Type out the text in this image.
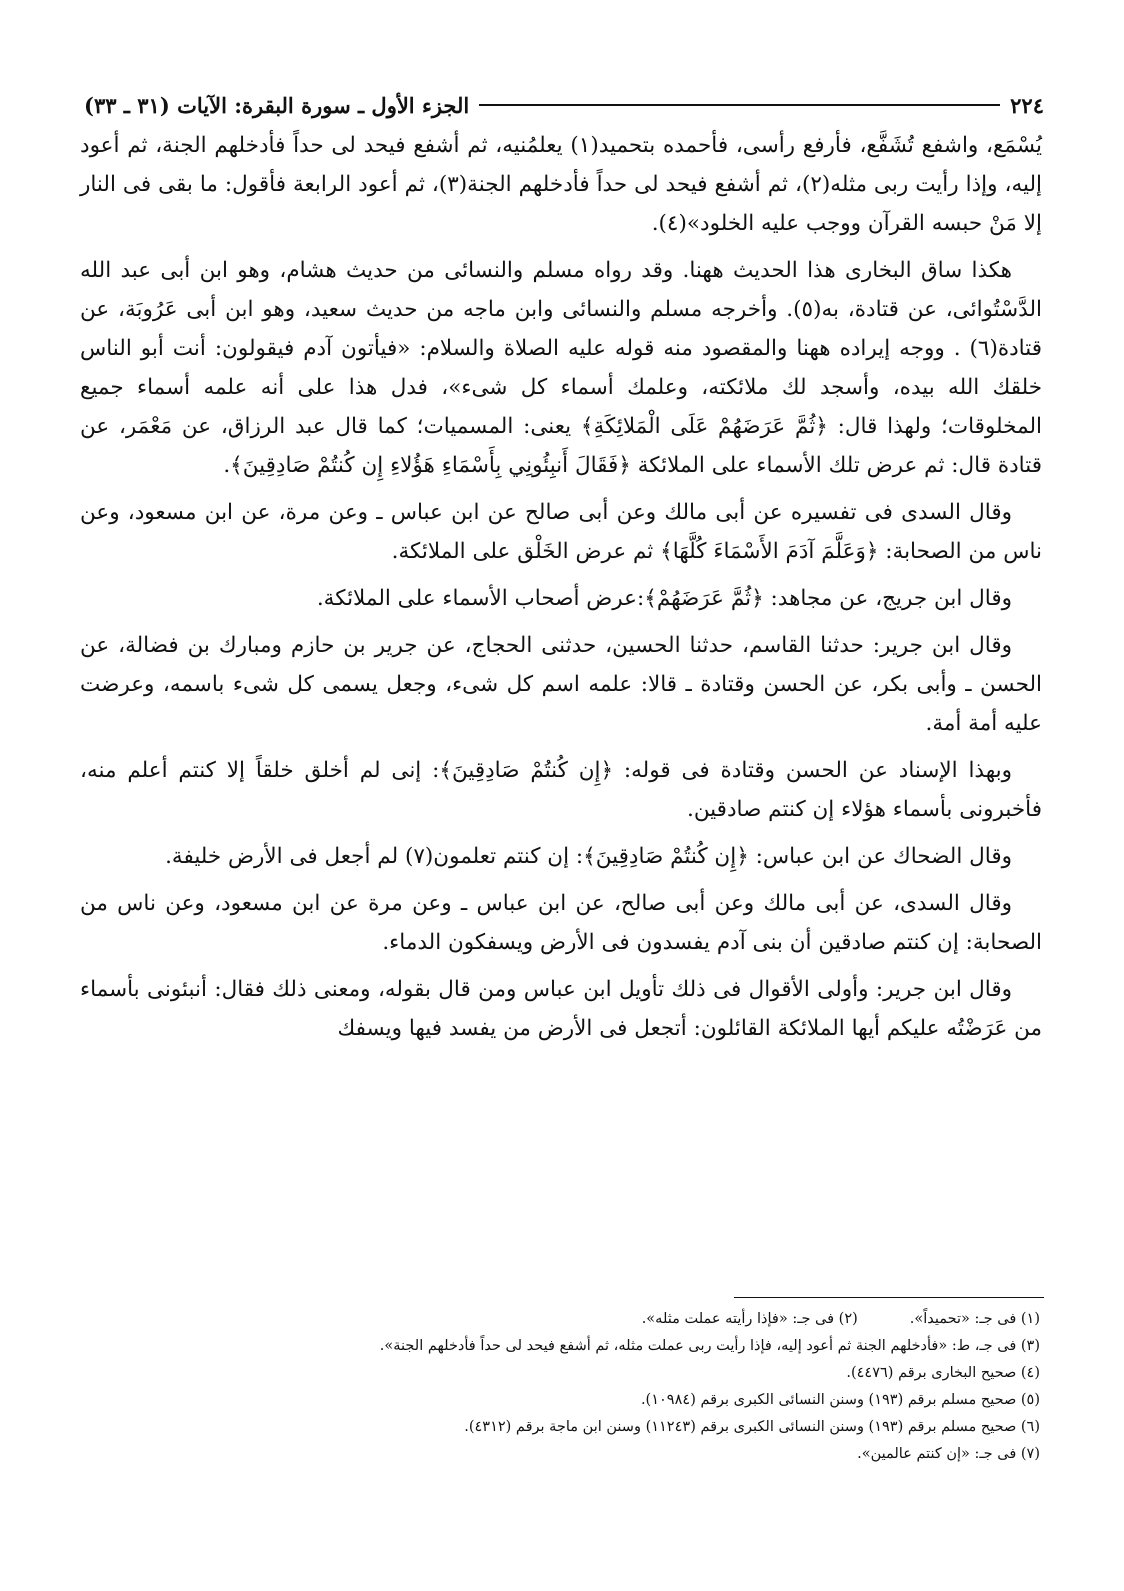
٢٢٤
الجزء الأول ـ سورة البقرة: الآيات (٣١ ـ ٣٣)

يُسْمَع، واشفع تُشَفَّع، فأرفع رأسى، فأحمده بتحميد(١) يعلمُنيه، ثم أشفع فيحد لى حداً فأدخلهم الجنة، ثم أعود إليه، وإذا رأيت ربى مثله(٢)، ثم أشفع فيحد لى حداً فأدخلهم الجنة(٣)، ثم أعود الرابعة فأقول: ما بقى فى النار إلا مَنْ حبسه القرآن ووجب عليه الخلود»(٤).

هكذا ساق البخارى هذا الحديث ههنا. وقد رواه مسلم والنسائى من حديث هشام، وهو ابن أبى عبد الله الدَّسْتُوائى، عن قتادة، به(٥). وأخرجه مسلم والنسائى وابن ماجه من حديث سعيد، وهو ابن أبى عَرُوبَة، عن قتادة(٦) . ووجه إيراده ههنا والمقصود منه قوله عليه الصلاة والسلام: «فيأتون آدم فيقولون: أنت أبو الناس خلقك الله بيده، وأسجد لك ملائكته، وعلمك أسماء كل شىء»، فدل هذا على أنه علمه أسماء جميع المخلوقات؛ ولهذا قال: ﴿ثُمَّ عَرَضَهُمْ عَلَى الْمَلائِكَةِ﴾ يعنى: المسميات؛ كما قال عبد الرزاق، عن مَعْمَر، عن قتادة قال: ثم عرض تلك الأسماء على الملائكة ﴿فَقَالَ أَنبِئُونِي بِأَسْمَاءِ هَؤُلاءِ إِن كُنتُمْ صَادِقِينَ﴾.

وقال السدى فى تفسيره عن أبى مالك وعن أبى صالح عن ابن عباس ـ وعن مرة، عن ابن مسعود، وعن ناس من الصحابة: ﴿وَعَلَّمَ آدَمَ الأَسْمَاءَ كُلَّهَا﴾ ثم عرض الخَلْق على الملائكة.

وقال ابن جريج، عن مجاهد: ﴿ثُمَّ عَرَضَهُمْ﴾:عرض أصحاب الأسماء على الملائكة.

وقال ابن جرير: حدثنا القاسم، حدثنا الحسين، حدثنى الحجاج، عن جرير بن حازم ومبارك بن فضالة، عن الحسن ـ وأبى بكر، عن الحسن وقتادة ـ قالا: علمه اسم كل شىء، وجعل يسمى كل شىء باسمه، وعرضت عليه أمة أمة.

وبهذا الإسناد عن الحسن وقتادة فى قوله: ﴿إِن كُنتُمْ صَادِقِينَ﴾: إنى لم أخلق خلقاً إلا كنتم أعلم منه، فأخبرونى بأسماء هؤلاء إن كنتم صادقين.

وقال الضحاك عن ابن عباس: ﴿إِن كُنتُمْ صَادِقِينَ﴾: إن كنتم تعلمون(٧) لم أجعل فى الأرض خليفة.

وقال السدى، عن أبى مالك وعن أبى صالح، عن ابن عباس ـ وعن مرة عن ابن مسعود، وعن ناس من الصحابة: إن كنتم صادقين أن بنى آدم يفسدون فى الأرض ويسفكون الدماء.

وقال ابن جرير: وأولى الأقوال فى ذلك تأويل ابن عباس ومن قال بقوله، ومعنى ذلك فقال: أنبئونى بأسماء من عَرَضْتُه عليكم أيها الملائكة القائلون: أتجعل فى الأرض من يفسد فيها ويسفك

(١) فى جـ: «تحميداً».(٢) فى جـ: «فإذا رأيته عملت مثله».
(٣) فى جـ، ط: «فأدخلهم الجنة ثم أعود إليه، فإذا رأيت ربى عملت مثله، ثم أشفع فيحد لى حداً فأدخلهم الجنة».
(٤) صحيح البخارى برقم (٤٤٧٦).
(٥) صحيح مسلم برقم (١٩٣) وسنن النسائى الكبرى برقم (١٠٩٨٤).
(٦) صحيح مسلم برقم (١٩٣) وسنن النسائى الكبرى برقم (١١٢٤٣) وسنن ابن ماجة برقم (٤٣١٢).
(٧) فى جـ: «إن كنتم عالمين».
